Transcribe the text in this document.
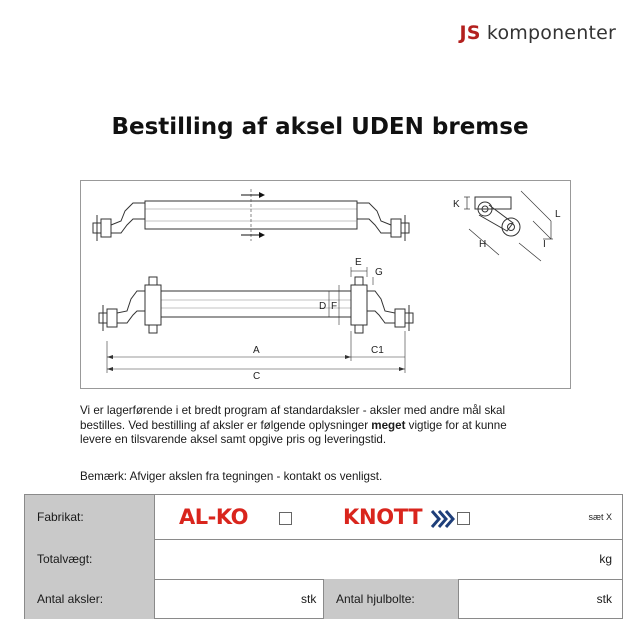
JS komponenter
Bestilling af aksel UDEN bremse
K
L
H	I
E
G
D F
A	C1
C
Vi er lagerførende i et bredt program af standardaksler - aksler med andre mål skal
bestilles. Ved bestilling af aksler er følgende oplysninger meget vigtige for at kunne
levere en tilsvarende aksel samt opgive pris og leveringstid.
Bemærk: Afviger akslen fra tegningen - kontakt os venligst.
Fabrikat:	AL-KO	KNOTT	sæt X
Totalvægt:	kg
Antal aksler:	stk	Antal hjulbolte:	stk
